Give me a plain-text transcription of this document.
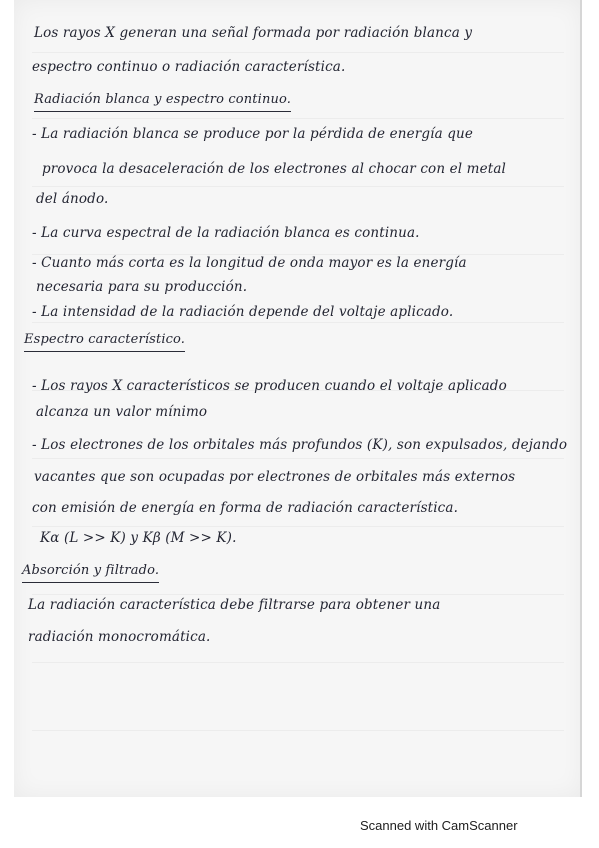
Los rayos X generan una señal formada por radiación blanca y
espectro continuo o radiación característica.
Radiación blanca y espectro continuo.
- La radiación blanca se produce por la pérdida de energía que
provoca la desaceleración de los electrones al chocar con el metal
del ánodo.
- La curva espectral de la radiación blanca es continua.
- Cuanto más corta es la longitud de onda mayor es la energía
necesaria para su producción.
- La intensidad de la radiación depende del voltaje aplicado.
Espectro característico.
- Los rayos X característicos se producen cuando el voltaje aplicado
alcanza un valor mínimo
- Los electrones de los orbitales más profundos (K), son expulsados, dejando
vacantes que son ocupadas por electrones de orbitales más externos
con emisión de energía en forma de radiación característica.
Kα (L >> K) y Kβ (M >> K).
Absorción y filtrado.
La radiación característica debe filtrarse para obtener una
radiación monocromática.
Scanned with CamScanner
